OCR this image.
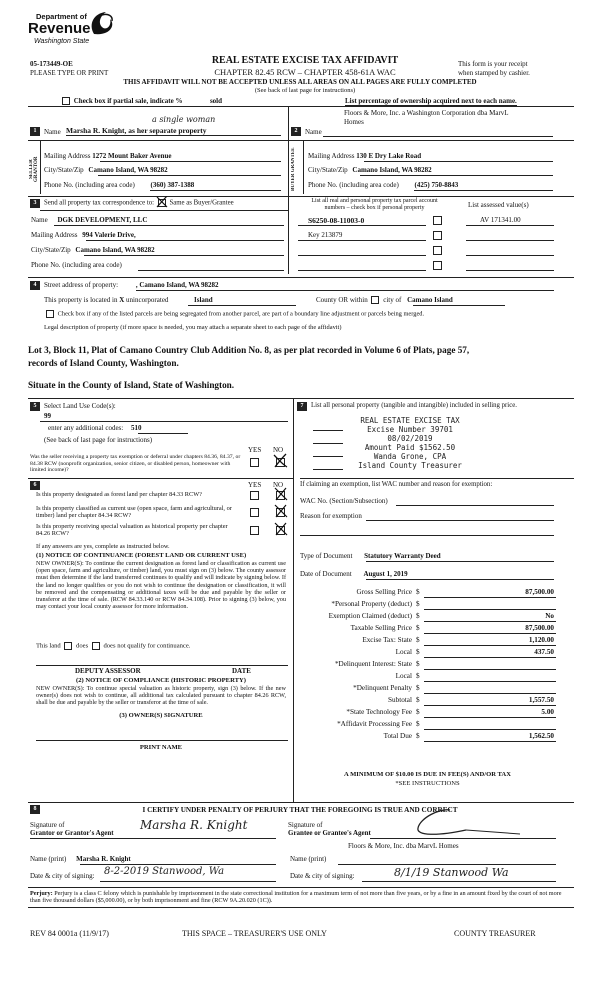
Department of
Revenue
Washington State
05-173449-OE
PLEASE TYPE OR PRINT
REAL ESTATE EXCISE TAX AFFIDAVIT
CHAPTER 82.45 RCW – CHAPTER 458-61A WAC
THIS AFFIDAVIT WILL NOT BE ACCEPTED UNLESS ALL AREAS ON ALL PAGES ARE FULLY COMPLETED
(See back of last page for instructions)
This form is your receipt
when stamped by cashier.
Check box if partial sale, indicate %	sold	List percentage of ownership acquired next to each name.
1	Name
a single woman
Marsha R. Knight, as her separate property	2	Name
Floors & More, Inc. a Washington Corporation dba MarvL
Homes
SELLER GRANTOR
Mailing Address 1272 Mount Baker Avenue
City/State/Zip Camano Island, WA 98282
Phone No. (including area code) (360) 387-1388	BUYER GRANTEE	Mailing Address 130 E Dry Lake Road
City/State/Zip Camano Island, WA 98282
Phone No. (including area code) (425) 750-8843
3	Send all property tax correspondence to: Same as Buyer/Grantee
Name DGK DEVELOPMENT, LLC
Mailing Address 994 Valerie Drive,
City/State/Zip Camano Island, WA 98282
Phone No. (including area code)
List all real and personal property tax parcel account
numbers – check box if personal property	List assessed value(s)
S6250-08-11003-0	AV 171341.00
Key 213879
4	Street address of property:	, Camano Island, WA 98282
This property is located in X unincorporated	Island	County OR within city of Camano Island
Check box if any of the listed parcels are being segregated from another parcel, are part of a boundary line adjustment or parcels being merged.
Legal description of property (if more space is needed, you may attach a separate sheet to each page of the affidavit)
Lot 3, Block 11, Plat of Camano Country Club Addition No. 8, as per plat recorded in Volume 6 of Plats, page 57,
records of Island County, Washington.
Situate in the County of Island, State of Washington.
5	Select Land Use Code(s):
99
enter any additional codes: 510
(See back of last page for instructions)
YES NO
Was the seller receiving a property tax exemption or deferral under chapters 84.36, 84.37, or 84.38 RCW (nonprofit organization, senior citizen, or disabled person, homeowner with limited income)?
6	YES NO
Is this property designated as forest land per chapter 84.33 RCW?
Is this property classified as current use (open space, farm and agricultural, or timber) land per chapter 84.34 RCW?
Is this property receiving special valuation as historical property per chapter 84.26 RCW?
If any answers are yes, complete as instructed below.
(1) NOTICE OF CONTINUANCE (FOREST LAND OR CURRENT USE)
NEW OWNER(S): To continue the current designation as forest land or classification as current use (open space, farm and agriculture, or timber) land, you must sign on (3) below. The county assessor must then determine if the land transferred continues to qualify and will indicate by signing below. If the land no longer qualifies or you do not wish to continue the designation or classification, it will be removed and the compensating or additional taxes will be due and payable by the seller or transferor at the time of sale. (RCW 84.33.140 or RCW 84.34.108). Prior to signing (3) below, you may contact your local county assessor for more information.
This land does does not qualify for continuance.
DEPUTY ASSESSOR	DATE
(2) NOTICE OF COMPLIANCE (HISTORIC PROPERTY)
NEW OWNER(S): To continue special valuation as historic property, sign (3) below. If the new owner(s) does not wish to continue, all additional tax calculated pursuant to chapter 84.26 RCW, shall be due and payable by the seller or transferor at the time of sale.
(3) OWNER(S) SIGNATURE
PRINT NAME
7	List all personal property (tangible and intangible) included in selling price.
REAL ESTATE EXCISE TAX
Excise Number 39701
08/02/2019
Amount Paid $1562.50
Wanda Grone, CPA
Island County Treasurer
If claiming an exemption, list WAC number and reason for exemption:
WAC No. (Section/Subsection)
Reason for exemption
Type of Document Statutory Warranty Deed
Date of Document August 1, 2019
Gross Selling Price $	87,500.00
*Personal Property (deduct) $
Exemption Claimed (deduct) $	No
Taxable Selling Price $	87,500.00
Excise Tax: State $	1,120.00
Local $	437.50
*Delinquent Interest: State $
Local $
*Delinquent Penalty $
Subtotal $	1,557.50
*State Technology Fee $	5.00
*Affidavit Processing Fee $
Total Due $	1,562.50
A MINIMUM OF $10.00 IS DUE IN FEE(S) AND/OR TAX
*SEE INSTRUCTIONS
8	I CERTIFY UNDER PENALTY OF PERJURY THAT THE FOREGOING IS TRUE AND CORRECT
Signature of
Grantor or Grantor's Agent
Marsha R. Knight	Signature of
Grantee or Grantee's Agent
Floors & More, Inc. dba MarvL Homes
Name (print) Marsha R. Knight	Name (print)
Date & city of signing: 8-2-2019 Stanwood, Wa	Date & city of signing:	8/1/19 Stanwood Wa
Perjury: Perjury is a class C felony which is punishable by imprisonment in the state correctional institution for a maximum term of not more than five years, or by a fine in an amount fixed by the court of not more than five thousand dollars ($5,000.00), or by both imprisonment and fine (RCW 9A.20.020 (1C)).
REV 84 0001a (11/9/17)	THIS SPACE – TREASURER'S USE ONLY	COUNTY TREASURER
